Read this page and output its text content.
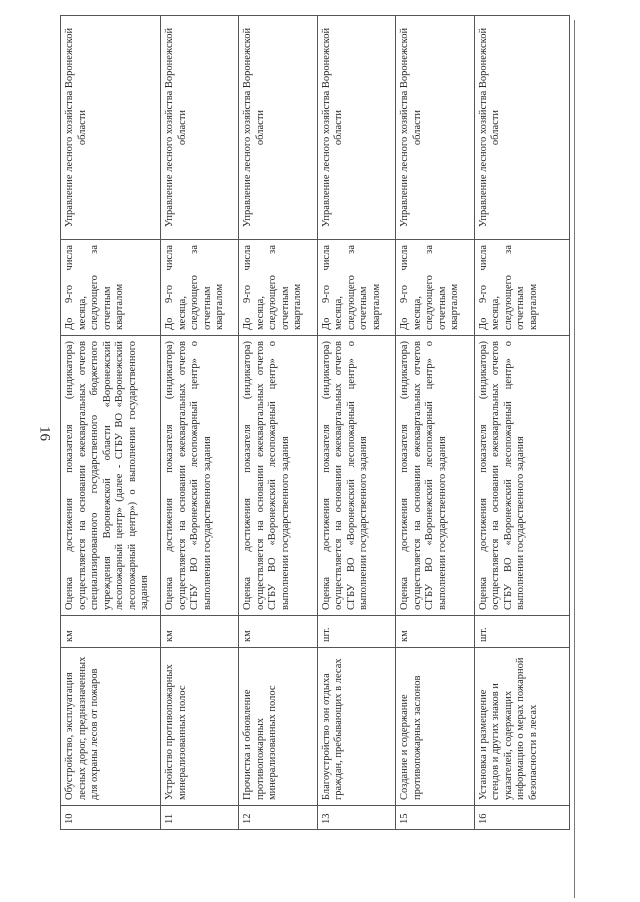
16
10	Обустройство, эксплуатация лесных дорог, предназначенных для охраны лесов от пожаров	км	Оценка достижения показателя (индикатора) осуществляется на основании ежеквартальных отчетов специализированного государственного бюджетного учреждения Воронежской области «Воронежский лесопожарный центр» (далее - СГБУ ВО «Воронежский лесопожарный центр») о выполнении государственного задания	До 9-го числа месяца, следующего за отчетным кварталом	Управление лесного хозяйства Воронежской области
11	Устройство противопожарных минерализованных полос	км	Оценка достижения показателя (индикатора) осуществляется на основании ежеквартальных отчетов СГБУ ВО «Воронежский лесопожарный центр» о выполнении государственного задания	До 9-го числа месяца, следующего за отчетным кварталом	Управление лесного хозяйства Воронежской области
12	Прочистка и обновление противопожарных минерализованных полос	км	Оценка достижения показателя (индикатора) осуществляется на основании ежеквартальных отчетов СГБУ ВО «Воронежский лесопожарный центр» о выполнении государственного задания	До 9-го числа месяца, следующего за отчетным кварталом	Управление лесного хозяйства Воронежской области
13	Благоустройство зон отдыха граждан, пребывающих в лесах	шт.	Оценка достижения показателя (индикатора) осуществляется на основании ежеквартальных отчетов СГБУ ВО «Воронежский лесопожарный центр» о выполнении государственного задания	До 9-го числа месяца, следующего за отчетным кварталом	Управление лесного хозяйства Воронежской области
15	Создание и содержание противопожарных заслонов	км	Оценка достижения показателя (индикатора) осуществляется на основании ежеквартальных отчетов СГБУ ВО «Воронежский лесопожарный центр» о выполнении государственного задания	До 9-го числа месяца, следующего за отчетным кварталом	Управление лесного хозяйства Воронежской области
16	Установка и размещение стендов и других знаков и указателей, содержащих информацию о мерах пожарной безопасности в лесах	шт.	Оценка достижения показателя (индикатора) осуществляется на основании ежеквартальных отчетов СГБУ ВО «Воронежский лесопожарный центр» о выполнении государственного задания	До 9-го числа месяца, следующего за отчетным кварталом	Управление лесного хозяйства Воронежской области
